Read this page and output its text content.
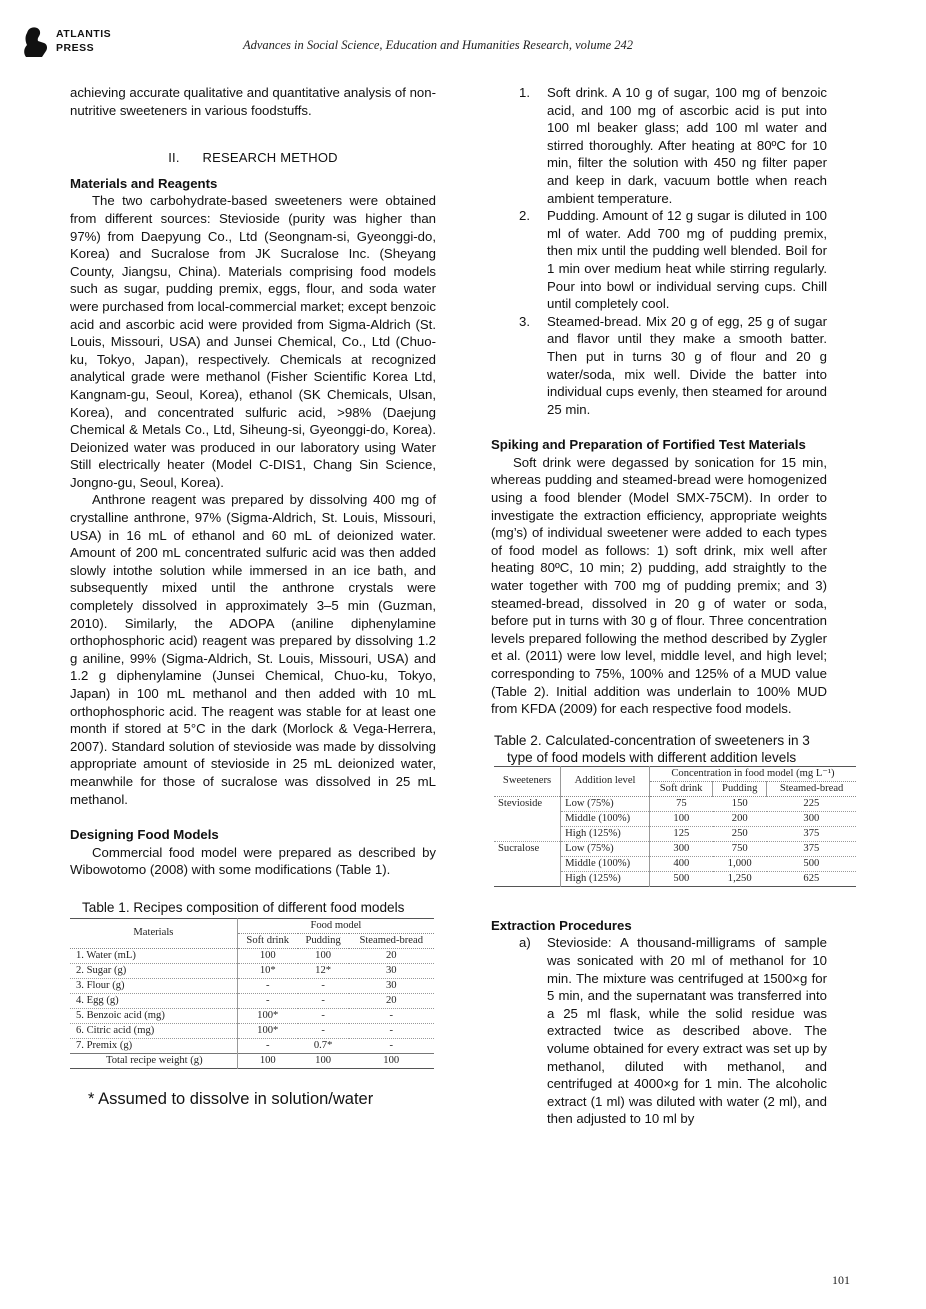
ATLANTIS
PRESS	Advances in Social Science, Education and Humanities Research, volume 242

achieving accurate qualitative and quantitative analysis of non-nutritive sweeteners in various foodstuffs.

II.      RESEARCH METHOD
Materials and Reagents

The two carbohydrate-based sweeteners were obtained from different sources: Stevioside (purity was higher than 97%) from Daepyung Co., Ltd (Seongnam-si, Gyeonggi-do, Korea) and Sucralose from JK Sucralose Inc. (Sheyang County, Jiangsu, China). Materials comprising food models such as sugar, pudding premix, eggs, flour, and soda water were purchased from local-commercial market; except benzoic acid and ascorbic acid were provided from Sigma-Aldrich (St. Louis, Missouri, USA) and Junsei Chemical, Co., Ltd (Chuo-ku, Tokyo, Japan), respectively. Chemicals at recognized analytical grade were methanol (Fisher Scientific Korea Ltd, Kangnam-gu, Seoul, Korea), ethanol (SK Chemicals, Ulsan, Korea), and concentrated sulfuric acid, >98% (Daejung Chemical & Metals Co., Ltd, Siheung-si, Gyeonggi-do, Korea). Deionized water was produced in our laboratory using Water Still electrically heater (Model C-DIS1, Chang Sin Science, Jongno-gu, Seoul, Korea).

Anthrone reagent was prepared by dissolving 400 mg of crystalline anthrone, 97% (Sigma-Aldrich, St. Louis, Missouri, USA) in 16 mL of ethanol and 60 mL of deionized water. Amount of 200 mL concentrated sulfuric acid was then added slowly intothe solution while immersed in an ice bath, and subsequently mixed until the anthrone crystals were completely dissolved in approximately 3–5 min (Guzman, 2010). Similarly, the ADOPA (aniline diphenylamine orthophosphoric acid) reagent was prepared by dissolving 1.2 g aniline, 99% (Sigma-Aldrich, St. Louis, Missouri, USA) and 1.2 g diphenylamine (Junsei Chemical, Chuo-ku, Tokyo, Japan) in 100 mL methanol and then added with 10 mL orthophosphoric acid. The reagent was stable for at least one month if stored at 5°C in the dark (Morlock & Vega-Herrera, 2007). Standard solution of stevioside was made by dissolving appropriate amount of stevioside in 25 mL deionized water, meanwhile for those of sucralose was dissolved in 25 mL methanol.

Designing Food Models

Commercial food model were prepared as described by Wibowotomo (2008) with some modifications (Table 1).

Table 1. Recipes composition of different food models
Materials	Food model		
	Soft drink	Pudding	Steamed-bread
1. Water (mL)	100	100	20
2. Sugar (g)	10*	12*	30
3. Flour (g)	-	-	30
4. Egg (g)	-	-	20
5. Benzoic acid (mg)	100*	-	-
6. Citric acid (mg)	100*	-	-
7. Premix (g)	-	0.7*	-
Total recipe weight (g)	100	100	100
* Assumed to dissolve in solution/water
1. Soft drink. A 10 g of sugar, 100 mg of benzoic acid, and 100 mg of ascorbic acid is put into 100 ml beaker glass; add 100 ml water and stirred thoroughly. After heating at 80ºC for 10 min, filter the solution with 450 ng filter paper and keep in dark, vacuum bottle when reach ambient temperature.
2. Pudding. Amount of 12 g sugar is diluted in 100 ml of water. Add 700 mg of pudding premix, then mix until the pudding well blended. Boil for 1 min over medium heat while stirring regularly. Pour into bowl or individual serving cups. Chill until completely cool.
3. Steamed-bread. Mix 20 g of egg, 25 g of sugar and flavor until they make a smooth batter. Then put in turns 30 g of flour and 20 g water/soda, mix well. Divide the batter into individual cups evenly, then steamed for around 25 min.
Spiking and Preparation of Fortified Test Materials

Soft drink were degassed by sonication for 15 min, whereas pudding and steamed-bread were homogenized using a food blender (Model SMX-75CM). In order to investigate the extraction efficiency, appropriate weights (mg’s) of individual sweetener were added to each types of food model as follows: 1) soft drink, mix well after heating 80ºC, 10 min; 2) pudding, add straightly to the water together with 700 mg of pudding premix; and 3) steamed-bread, dissolved in 20 g of water or soda, before put in turns with 30 g of flour. Three concentration levels prepared following the method described by Zygler et al. (2011) were low level, middle level, and high level; corresponding to 75%, 100% and 125% of a MUD value (Table 2). Initial addition was underlain to 100% MUD from KFDA (2009) for each respective food models.

Table 2. Calculated-concentration of sweeteners in 3
type of food models with different addition levels
Sweeteners	Addition level	Concentration in food model (mg L⁻¹)		
		Soft drink	Pudding	Steamed-bread
Stevioside	Low (75%)	75	150	225
	Middle (100%)	100	200	300
	High (125%)	125	250	375
Sucralose	Low (75%)	300	750	375
	Middle (100%)	400	1,000	500
	High (125%)	500	1,250	625
Extraction Procedures
a) Stevioside: A thousand-milligrams of sample was sonicated with 20 ml of methanol for 10 min. The mixture was centrifuged at 1500×g for 5 min, and the supernatant was transferred into a 25 ml flask, while the solid residue was extracted twice as described above. The volume obtained for every extract was set up by methanol, diluted with methanol, and centrifuged at 4000×g for 1 min. The alcoholic extract (1 ml) was diluted with water (2 ml), and then adjusted to 10 ml by
101
